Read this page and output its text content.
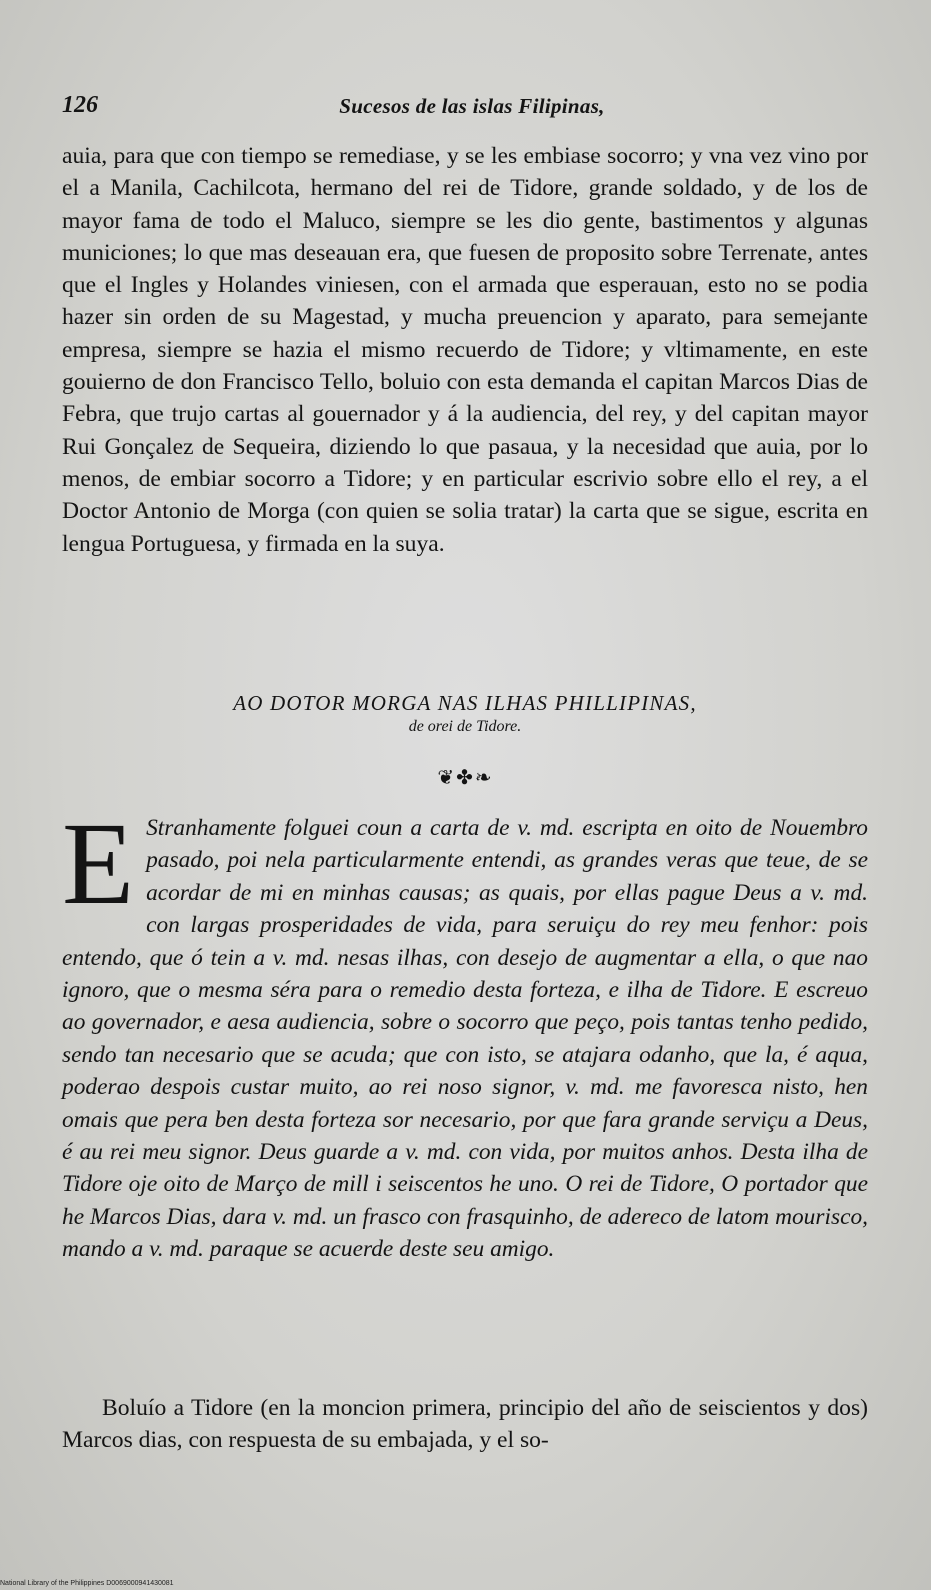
126	Sucesos de las islas Filipinas,

auia, para que con tiempo se remediase, y se les embiase socorro; y vna vez vino por el a Manila, Cachilcota, hermano del rei de Tidore, grande soldado, y de los de mayor fama de todo el Maluco, siempre se les dio gente, bastimentos y algunas municiones; lo que mas deseauan era, que fuesen de proposito sobre Terrenate, antes que el Ingles y Holandes viniesen, con el armada que esperauan, esto no se podia hazer sin orden de su Magestad, y mucha preuencion y aparato, para semejante empresa, siempre se hazia el mismo recuerdo de Tidore; y vltimamente, en este gouierno de don Francisco Tello, boluio con esta demanda el capitan Marcos Dias de Febra, que trujo cartas al gouernador y á la audiencia, del rey, y del capitan mayor Rui Gonçalez de Sequeira, diziendo lo que pasaua, y la necesidad que auia, por lo menos, de embiar socorro a Tidore; y en particular escrivio sobre ello el rey, a el Doctor Antonio de Morga (con quien se solia tratar) la carta que se sigue, escrita en lengua Portuguesa, y firmada en la suya.

AO DOTOR MORGA NAS ILHAS PHILLIPINAS,
de orei de Tidore.
❦✤❧

E Stranhamente folguei coun a carta de v. md. escripta en oito de Nouembro pasado, poi nela particularmente entendi, as grandes veras que teue, de se acordar de mi en minhas causas; as quais, por ellas pague Deus a v. md. con largas prosperidades de vida, para seruiçu do rey meu fenhor: pois entendo, que ó tein a v. md. nesas ilhas, con desejo de augmentar a ella, o que nao ignoro, que o mesma séra para o remedio desta forteza, e ilha de Tidore. E escreuo ao governador, e aesa audiencia, sobre o socorro que peço, pois tantas tenho pedido, sendo tan necesario que se acuda; que con isto, se atajara odanho, que la, é aqua, poderao despois custar muito, ao rei noso signor, v. md. me favoresca nisto, hen omais que pera ben desta forteza sor necesario, por que fara grande serviçu a Deus, é au rei meu signor. Deus guarde a v. md. con vida, por muitos anhos. Desta ilha de Tidore oje oito de Março de mill i seiscentos he uno. O rei de Tidore, O portador que he Marcos Dias, dara v. md. un frasco con frasquinho, de adereco de latom mourisco, mando a v. md. paraque se acuerde deste seu amigo.

Boluío a Tidore (en la moncion primera, principio del año de seiscientos y dos) Marcos dias, con respuesta de su embajada, y el so-

National Library of the Philippines D0069000941430081
